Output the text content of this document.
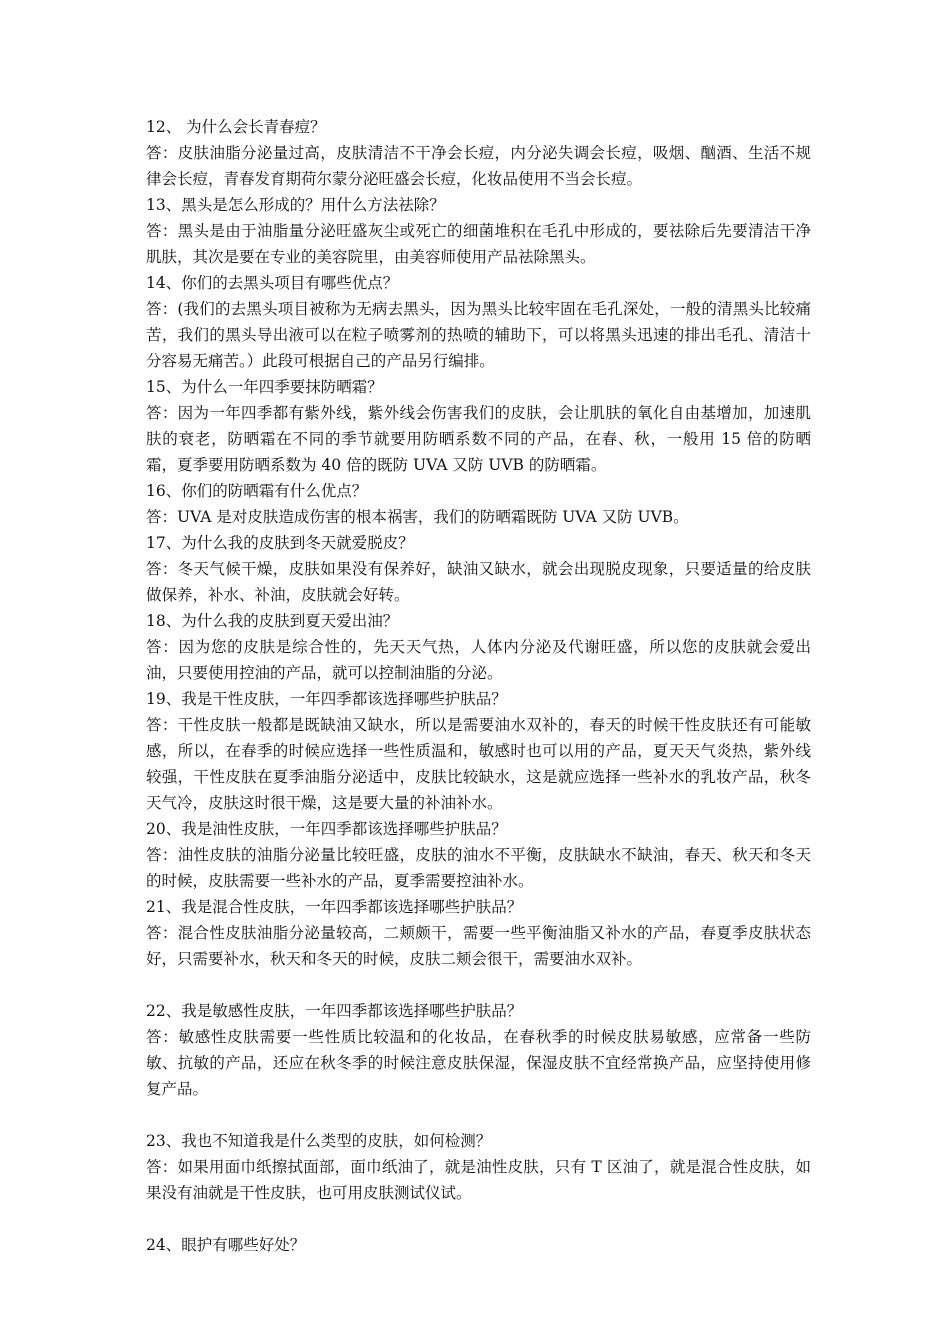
12、 为什么会长青春痘？

答：皮肤油脂分泌量过高，皮肤清洁不干净会长痘，内分泌失调会长痘，吸烟、酗酒、生活不规律会长痘，青春发育期荷尔蒙分泌旺盛会长痘，化妆品使用不当会长痘。

13、黑头是怎么形成的？用什么方法祛除？

答：黑头是由于油脂量分泌旺盛灰尘或死亡的细菌堆积在毛孔中形成的，要祛除后先要清洁干净肌肤，其次是要在专业的美容院里，由美容师使用产品祛除黑头。

14、你们的去黑头项目有哪些优点？

答：(我们的去黑头项目被称为无病去黑头，因为黑头比较牢固在毛孔深处，一般的清黑头比较痛苦，我们的黑头导出液可以在粒子喷雾剂的热喷的辅助下，可以将黑头迅速的排出毛孔、清洁十分容易无痛苦。）此段可根据自己的产品另行编排。

15、为什么一年四季要抹防晒霜？

答：因为一年四季都有紫外线，紫外线会伤害我们的皮肤，会让肌肤的氧化自由基增加，加速肌肤的衰老，防晒霜在不同的季节就要用防晒系数不同的产品，在春、秋，一般用 15 倍的防晒霜，夏季要用防晒系数为 40 倍的既防 UVA 又防 UVB 的防晒霜。

16、你们的防晒霜有什么优点？

答：UVA 是对皮肤造成伤害的根本祸害，我们的防晒霜既防 UVA 又防 UVB。

17、为什么我的皮肤到冬天就爱脱皮？

答：冬天气候干燥，皮肤如果没有保养好，缺油又缺水，就会出现脱皮现象，只要适量的给皮肤做保养，补水、补油，皮肤就会好转。

18、为什么我的皮肤到夏天爱出油？

答：因为您的皮肤是综合性的，先天天气热，人体内分泌及代谢旺盛，所以您的皮肤就会爱出油，只要使用控油的产品，就可以控制油脂的分泌。

19、我是干性皮肤，一年四季都该选择哪些护肤品？

答：干性皮肤一般都是既缺油又缺水，所以是需要油水双补的，春天的时候干性皮肤还有可能敏感，所以，在春季的时候应选择一些性质温和，敏感时也可以用的产品，夏天天气炎热，紫外线较强，干性皮肤在夏季油脂分泌适中，皮肤比较缺水，这是就应选择一些补水的乳妆产品，秋冬天气冷，皮肤这时很干燥，这是要大量的补油补水。

20、我是油性皮肤，一年四季都该选择哪些护肤品？

答：油性皮肤的油脂分泌量比较旺盛，皮肤的油水不平衡，皮肤缺水不缺油，春天、秋天和冬天的时候，皮肤需要一些补水的产品，夏季需要控油补水。

21、我是混合性皮肤，一年四季都该选择哪些护肤品？

答：混合性皮肤油脂分泌量较高，二颊颇干，需要一些平衡油脂又补水的产品，春夏季皮肤状态好，只需要补水，秋天和冬天的时候，皮肤二颊会很干，需要油水双补。

22、我是敏感性皮肤，一年四季都该选择哪些护肤品？

答：敏感性皮肤需要一些性质比较温和的化妆品，在春秋季的时候皮肤易敏感，应常备一些防敏、抗敏的产品，还应在秋冬季的时候注意皮肤保湿，保湿皮肤不宜经常换产品，应坚持使用修复产品。

23、我也不知道我是什么类型的皮肤，如何检测？

答：如果用面巾纸擦拭面部，面巾纸油了，就是油性皮肤，只有 T 区油了，就是混合性皮肤，如果没有油就是干性皮肤，也可用皮肤测试仪试。

24、眼护有哪些好处？
